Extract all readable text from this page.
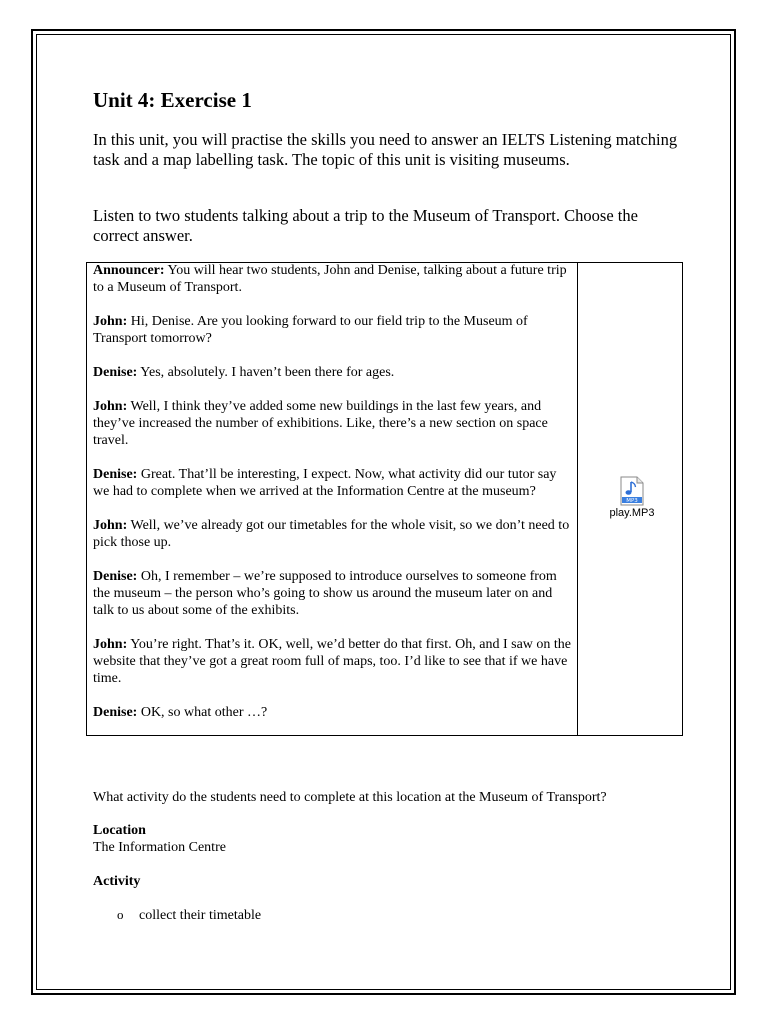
Unit 4: Exercise 1

In this unit, you will practise the skills you need to answer an IELTS Listening matching task and a map labelling task. The topic of this unit is visiting museums.

Listen to two students talking about a trip to the Museum of Transport. Choose the correct answer.

Announcer: You will hear two students, John and Denise, talking about a future trip to a Museum of Transport.

John: Hi, Denise. Are you looking forward to our field trip to the Museum of Transport tomorrow?

Denise: Yes, absolutely. I haven’t been there for ages.

John: Well, I think they’ve added some new buildings in the last few years, and they’ve increased the number of exhibitions. Like, there’s a new section on space travel.

Denise: Great. That’ll be interesting, I expect. Now, what activity did our tutor say we had to complete when we arrived at the Information Centre at the museum?

John: Well, we’ve already got our timetables for the whole visit, so we don’t need to pick those up.

Denise: Oh, I remember – we’re supposed to introduce ourselves to someone from the museum – the person who’s going to show us around the museum later on and talk to us about some of the exhibits.

John: You’re right. That’s it. OK, well, we’d better do that first. Oh, and I saw on the website that they’ve got a great room full of maps, too. I’d like to see that if we have time.

Denise: OK, so what other …?

MP3
play.MP3

What activity do the students need to complete at this location at the Museum of Transport?

Location

The Information Centre

Activity

o collect their timetable
